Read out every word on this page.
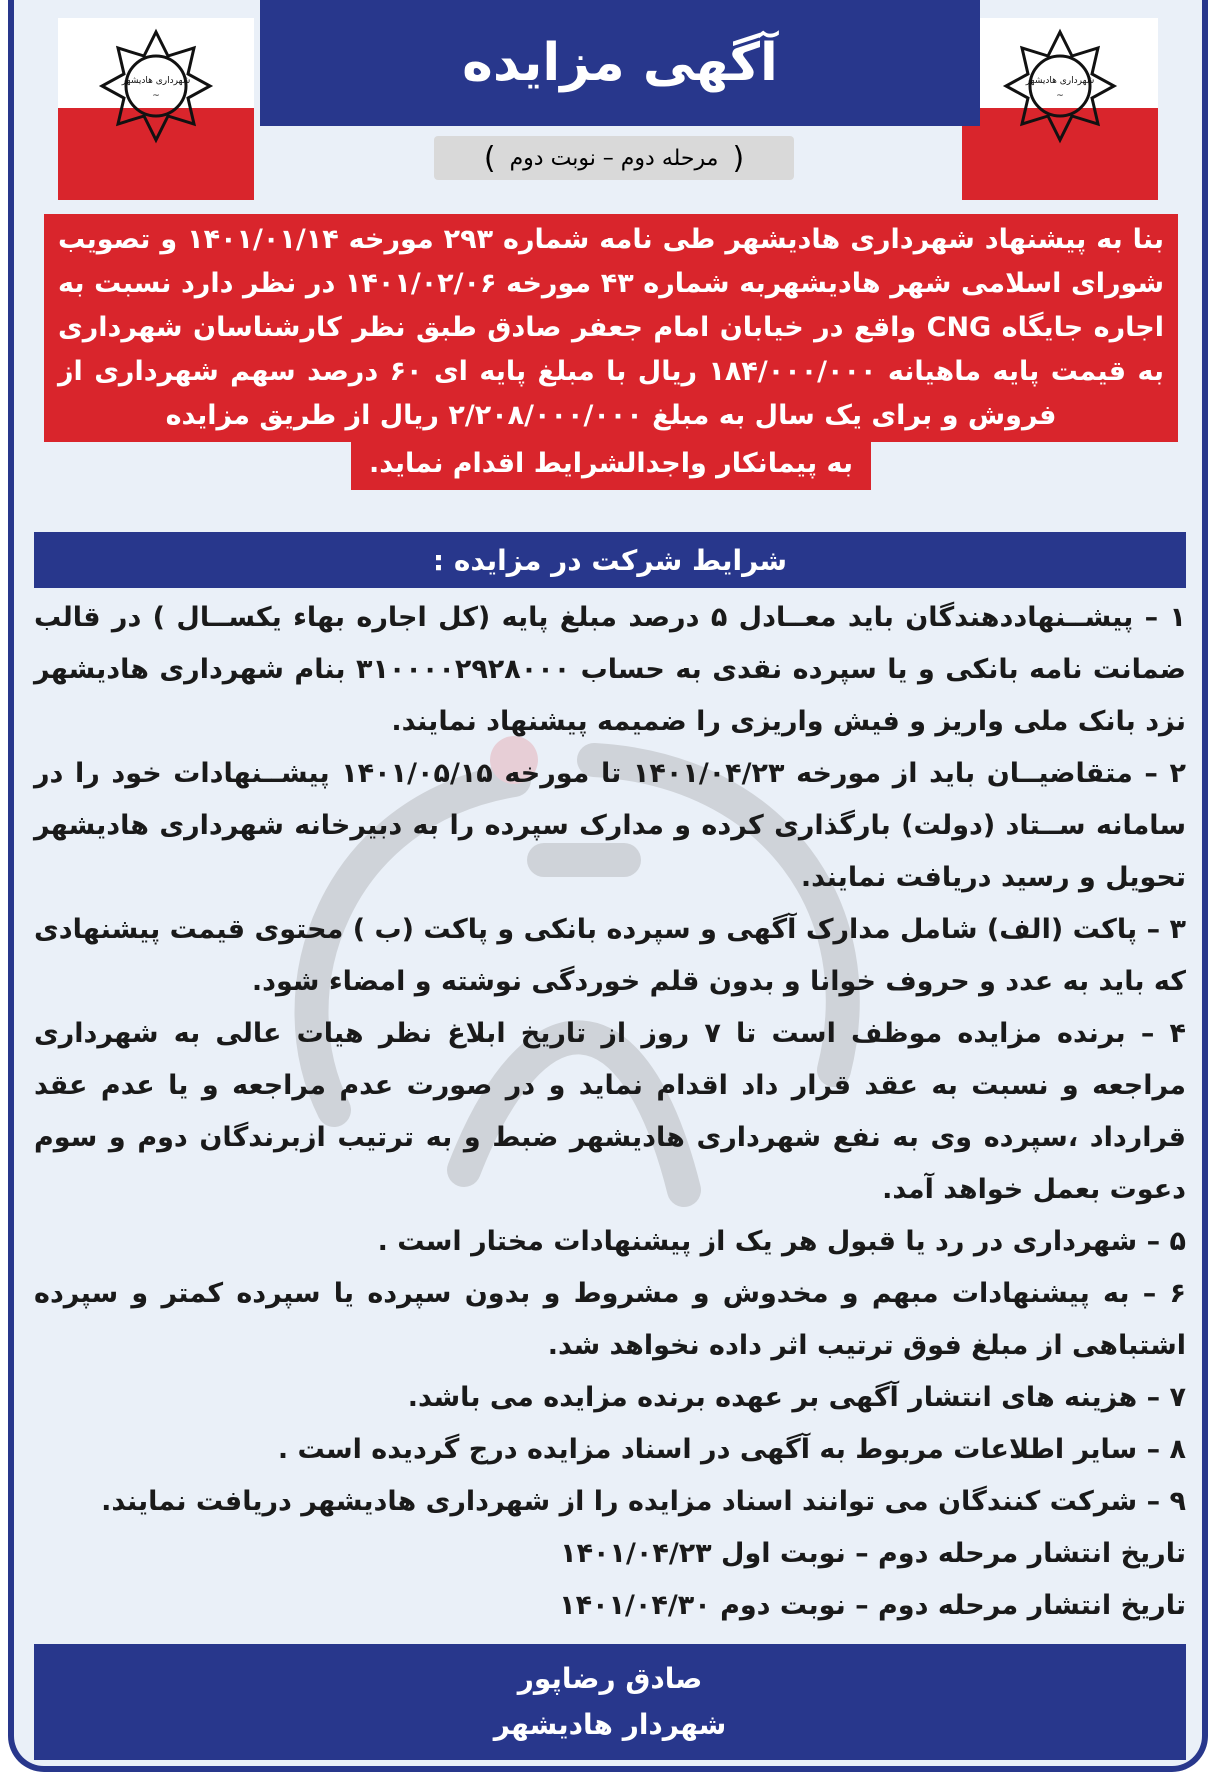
شهرداری هادیشهر
~
شهرداری هادیشهر
~
آگهی مزایده
(
مرحله دوم – نوبت دوم
)
بنا به پیشنهاد شهرداری هادیشهر طی نامه شماره ۲۹۳ مورخه ۱۴۰۱/۰۱/۱۴ و تصویب شورای اسلامی شهر هادیشهربه شماره ۴۳ مورخه ۱۴۰۱/۰۲/۰۶ در نظر دارد نسبت به اجاره جایگاه CNG واقع در خیابان امام جعفر صادق طبق نظر کارشناسان شهرداری به قیمت پایه ماهیانه ۱۸۴/۰۰۰/۰۰۰ ریال با مبلغ پایه ای ۶۰ درصد سهم شهرداری از فروش و برای یک سال به مبلغ ۲/۲۰۸/۰۰۰/۰۰۰ ریال از طریق مزایده
به پیمانکار واجدالشرایط اقدام نماید.
شرایط شرکت در مزایده :

۱ – پیشــنهاددهندگان باید معــادل ۵ درصد مبلغ پایه (کل اجاره بهاء یکســال ) در قالب ضمانت نامه بانکی و یا سپرده نقدی به حساب ۳۱۰۰۰۰۲۹۲۸۰۰۰ بنام شهرداری هادیشهر نزد بانک ملی واریز و فیش واریزی را ضمیمه پیشنهاد نمایند.

۲ – متقاضیــان باید از مورخه ۱۴۰۱/۰۴/۲۳ تا مورخه ۱۴۰۱/۰۵/۱۵ پیشــنهادات خود را در سامانه ســتاد (دولت) بارگذاری کرده و مدارک سپرده را به دبیرخانه شهرداری هادیشهر تحویل و رسید دریافت نمایند.

۳ – پاکت (الف) شامل مدارک آگهی و سپرده بانکی و پاکت (ب ) محتوی قیمت پیشنهادی که باید به عدد و حروف خوانا و بدون قلم خوردگی نوشته و امضاء شود.

۴ – برنده مزایده موظف است تا ۷ روز از تاریخ ابلاغ نظر هیات عالی به شهرداری مراجعه و نسبت به عقد قرار داد اقدام نماید و در صورت عدم مراجعه و یا عدم عقد قرارداد ،سپرده وی به نفع شهرداری هادیشهر ضبط و به ترتیب ازبرندگان دوم و سوم دعوت بعمل خواهد آمد.

۵ – شهرداری در رد یا قبول هر یک از پیشنهادات مختار است .

۶ – به پیشنهادات مبهم و مخدوش و مشروط و بدون سپرده یا سپرده کمتر و سپرده اشتباهی از مبلغ فوق ترتیب اثر داده نخواهد شد.

۷ – هزینه های انتشار آگهی بر عهده برنده مزایده می باشد.

۸ – سایر اطلاعات مربوط به آگهی در اسناد مزایده درج گردیده است .

۹ – شرکت کنندگان می توانند اسناد مزایده را از شهرداری هادیشهر دریافت نمایند.

تاریخ انتشار مرحله دوم – نوبت اول ۱۴۰۱/۰۴/۲۳

تاریخ انتشار مرحله دوم – نوبت دوم ۱۴۰۱/۰۴/۳۰

صادق رضاپور
شهردار هادیشهر
